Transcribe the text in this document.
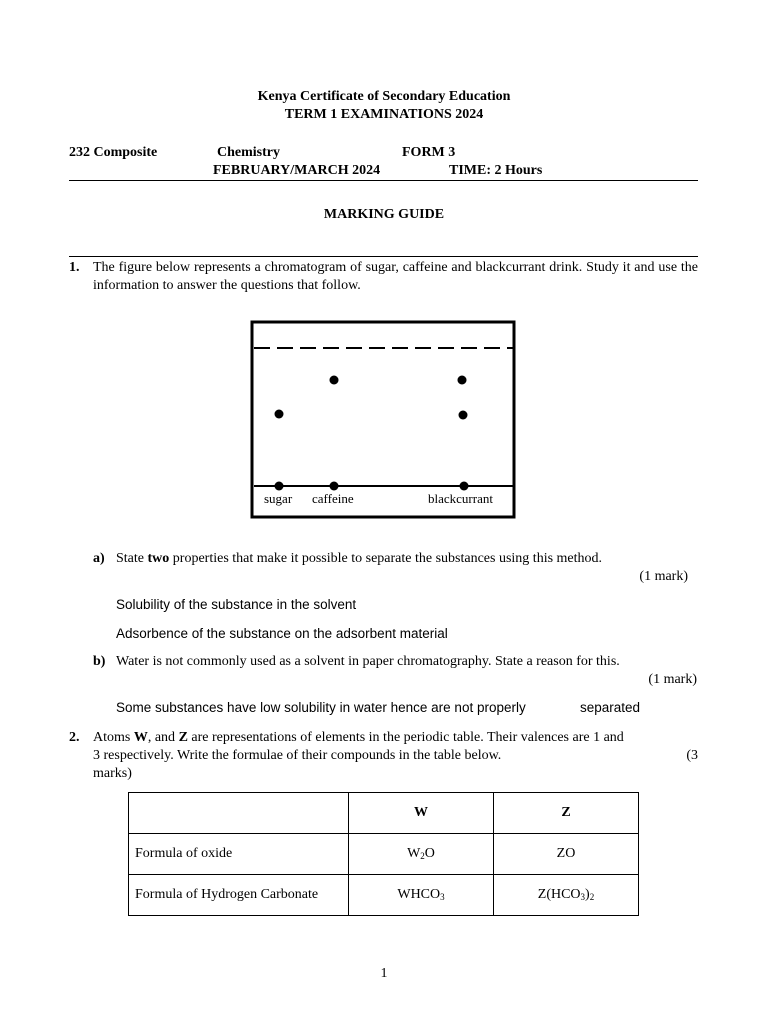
Kenya Certificate of Secondary Education
TERM 1 EXAMINATIONS 2024
232 Composite	Chemistry	FORM 3
FEBRUARY/MARCH 2024	TIME: 2 Hours
MARKING GUIDE
1. The figure below represents a chromatogram of sugar, caffeine and blackcurrant drink. Study it and use the information to answer the questions that follow.
sugar caffeine	blackcurrant
a) State two properties that make it possible to separate the substances using this method.
(1 mark)
Solubility of the substance in the solvent
Adsorbence of the substance on the adsorbent material
b) Water is not commonly used as a solvent in paper chromatography. State a reason for this.
(1 mark)
Some substances have low solubility in water hence are not properly	separated
2. Atoms W, and Z are representations of elements in the periodic table. Their valences are 1 and 3 respectively. Write the formulae of their compounds in the table below.	(3
marks)
	W	Z
Formula of oxide	$W_2O$	ZO
Formula of Hydrogen Carbonate	$WHCO_3$	$Z(HCO_3)_2$
1
